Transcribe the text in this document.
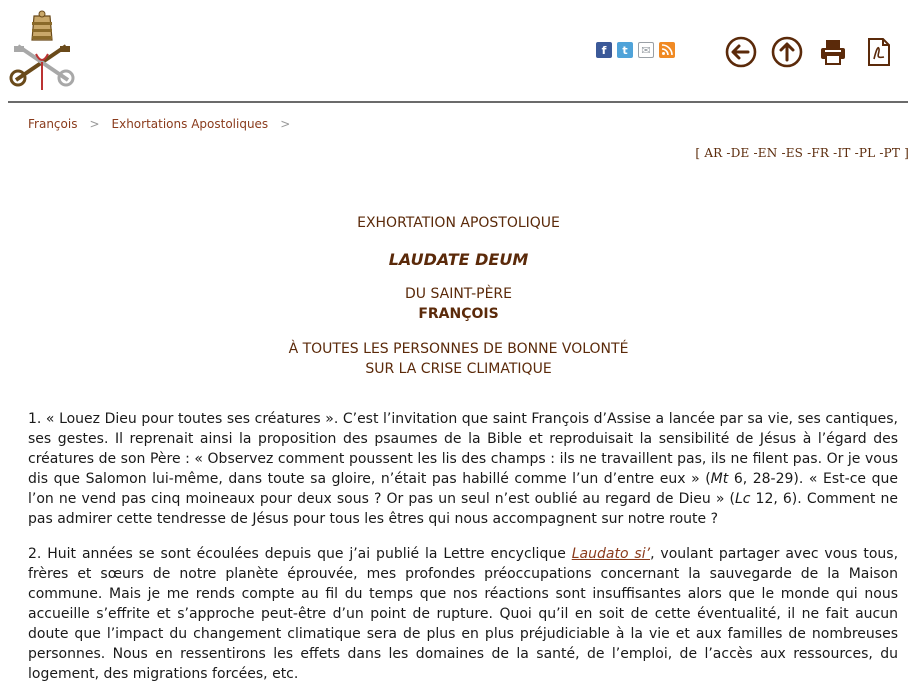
f	t	✉
François > Exhortations Apostoliques >
[ AR -DE -EN -ES -FR -IT -PL -PT ]
EXHORTATION APOSTOLIQUE
LAUDATE DEUM
DU SAINT-PÈRE
FRANÇOIS
À TOUTES LES PERSONNES DE BONNE VOLONTÉ
SUR LA CRISE CLIMATIQUE

1. « Louez Dieu pour toutes ses créatures ». C’est l’invitation que saint François d’Assise a lancée par sa vie, ses cantiques, ses gestes. Il reprenait ainsi la proposition des psaumes de la Bible et reproduisait la sensibilité de Jésus à l’égard des créatures de son Père : « Observez comment poussent les lis des champs : ils ne travaillent pas, ils ne filent pas. Or je vous dis que Salomon lui-même, dans toute sa gloire, n’était pas habillé comme l’un d’entre eux » (Mt 6, 28-29). « Est-ce que l’on ne vend pas cinq moineaux pour deux sous ? Or pas un seul n’est oublié au regard de Dieu » (Lc 12, 6). Comment ne pas admirer cette tendresse de Jésus pour tous les êtres qui nous accompagnent sur notre route ?

2. Huit années se sont écoulées depuis que j’ai publié la Lettre encyclique Laudato si’, voulant partager avec vous tous, frères et sœurs de notre planète éprouvée, mes profondes préoccupations concernant la sauvegarde de la Maison commune. Mais je me rends compte au fil du temps que nos réactions sont insuffisantes alors que le monde qui nous accueille s’effrite et s’approche peut-être d’un point de rupture. Quoi qu’il en soit de cette éventualité, il ne fait aucun doute que l’impact du changement climatique sera de plus en plus préjudiciable à la vie et aux familles de nombreuses personnes. Nous en ressentirons les effets dans les domaines de la santé, de l’emploi, de l’accès aux ressources, du logement, des migrations forcées, etc.
